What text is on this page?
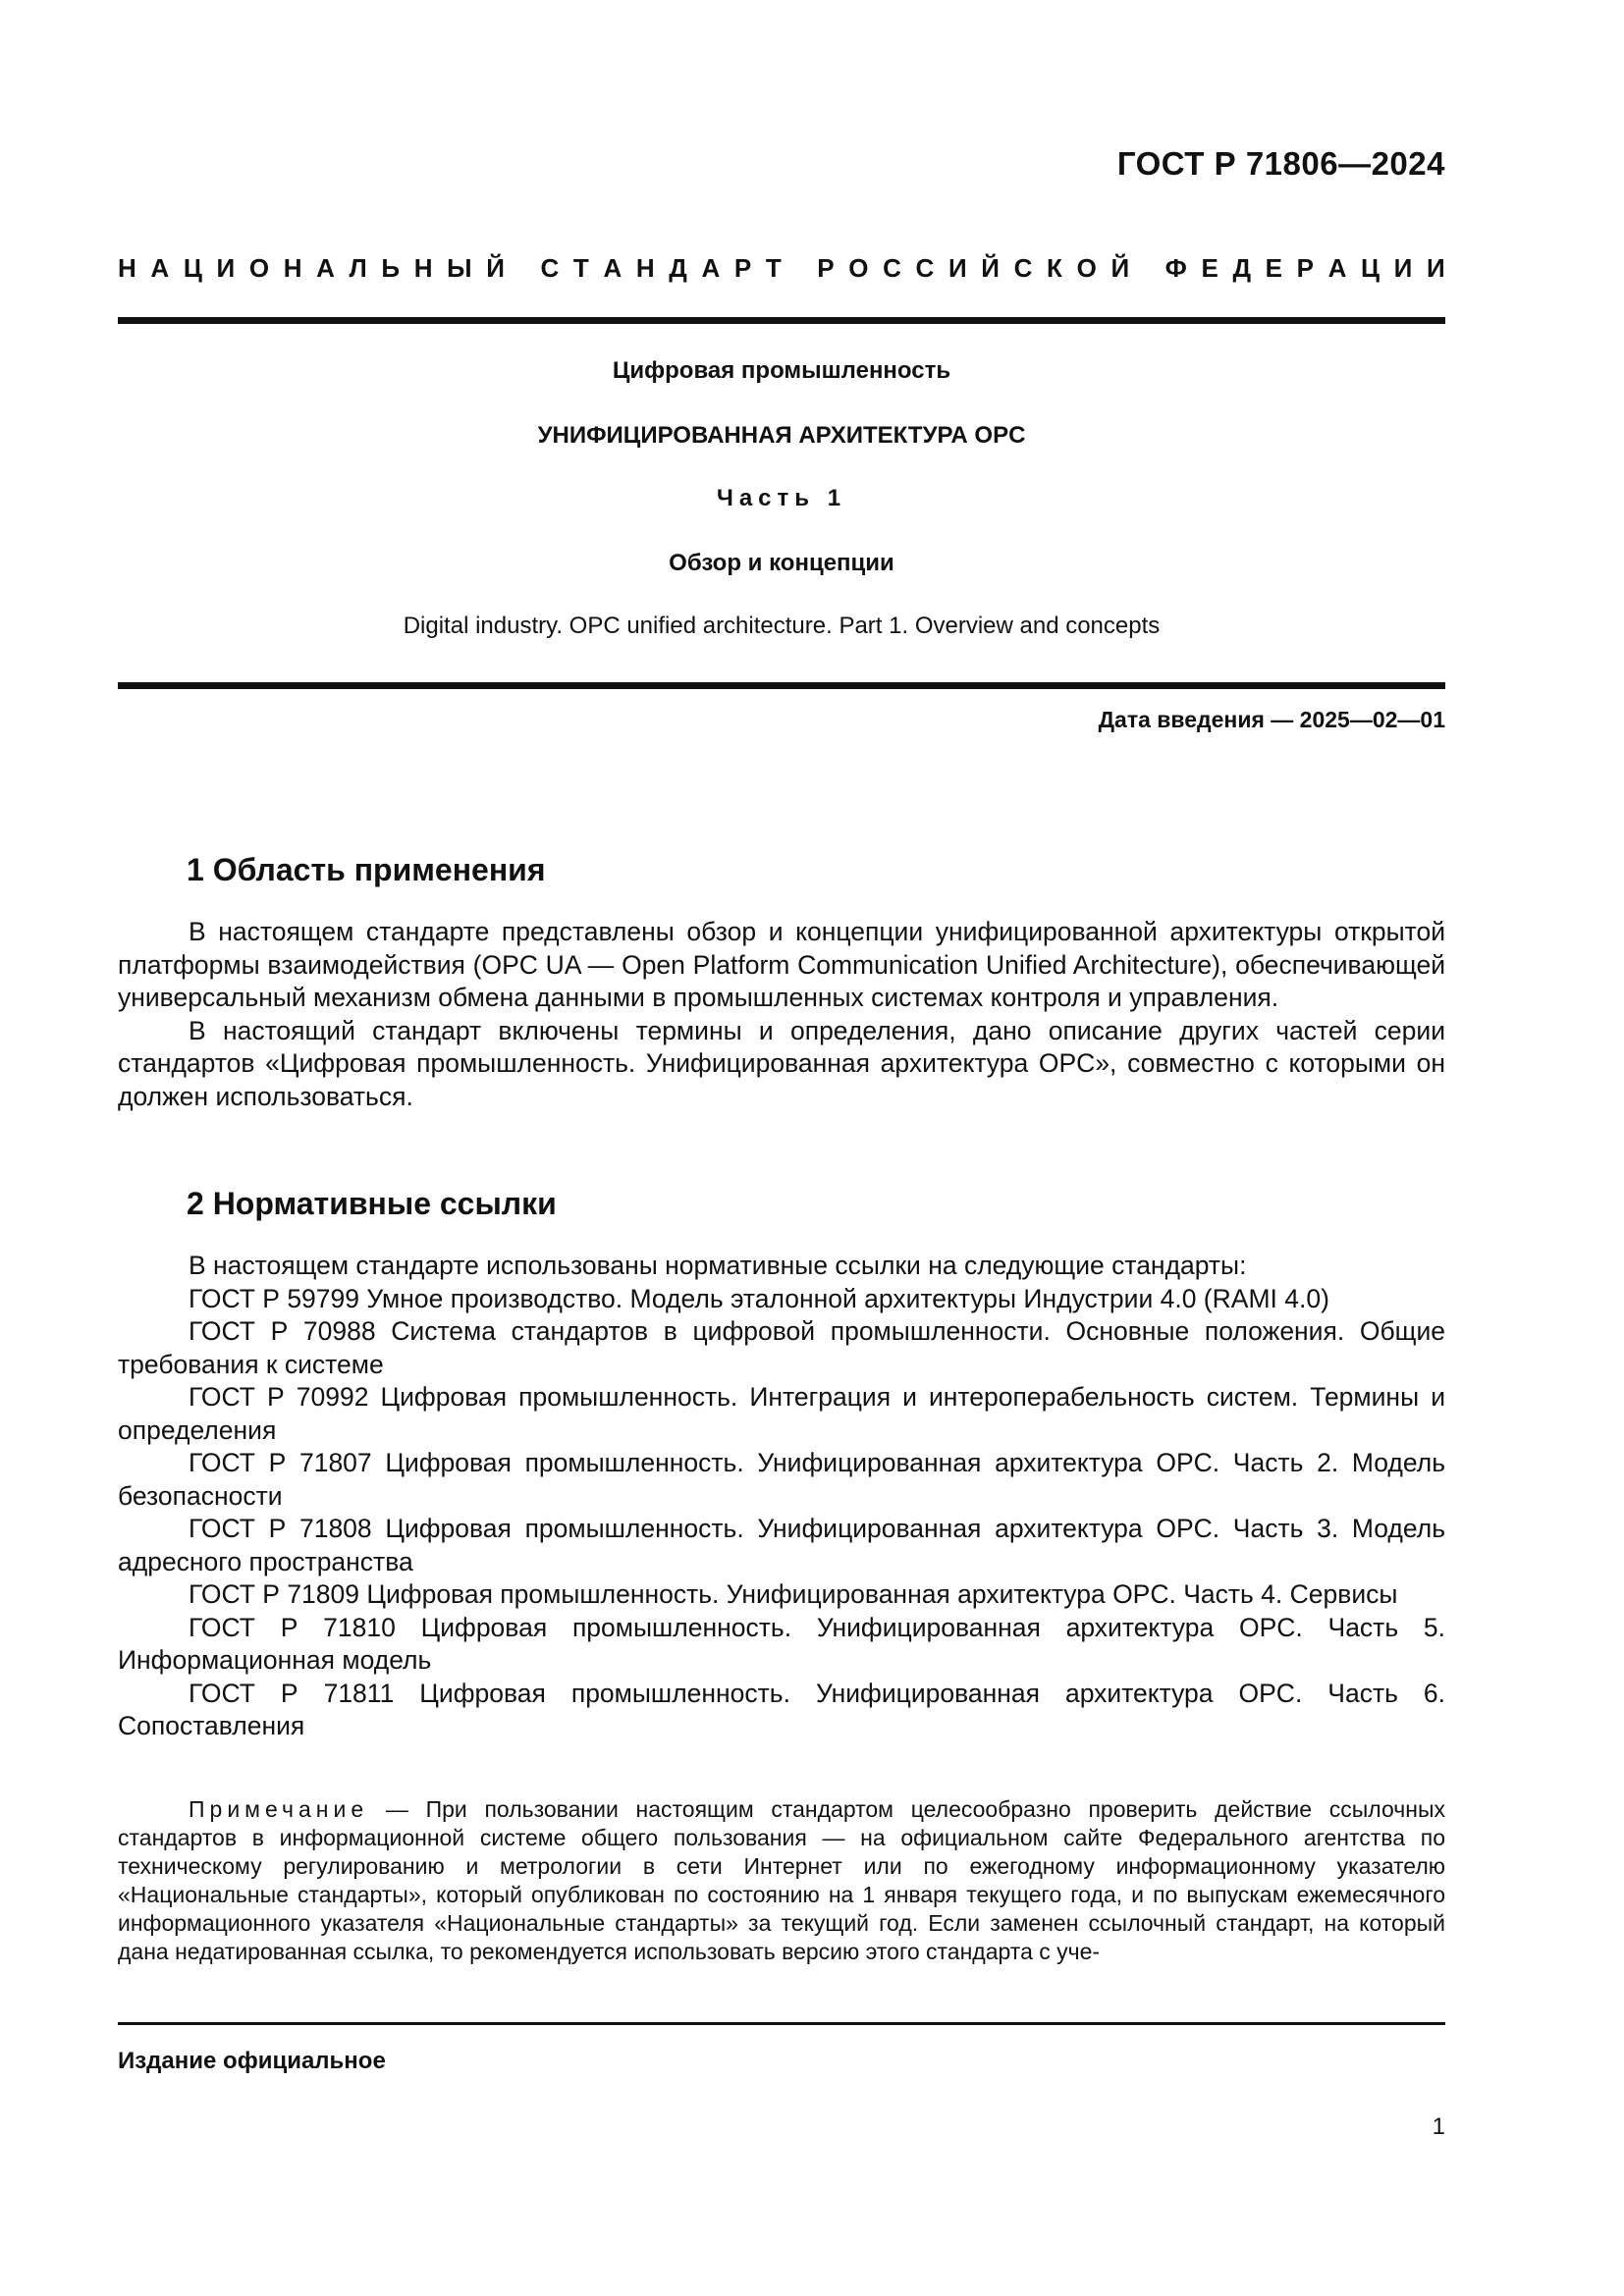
ГОСТ Р 71806—2024
Н А Ц И О Н А Л Ь Н Ы Й
С Т А Н Д А Р Т
Р О С С И Й С К О Й
Ф Е Д Е Р А Ц И И
Цифровая промышленность
УНИФИЦИРОВАННАЯ АРХИТЕКТУРА OPC
Часть 1
Обзор и концепции
Digital industry. OPC unified architecture. Part 1. Overview and concepts
Дата введения — 2025—02—01
1 Область применения

В настоящем стандарте представлены обзор и концепции унифицированной архитектуры открытой платформы взаимодействия (OPC UA — Open Platform Communication Unified Architecture), обеспечивающей универсальный механизм обмена данными в промышленных системах контроля и управления.

В настоящий стандарт включены термины и определения, дано описание других частей серии стандартов «Цифровая промышленность. Унифицированная архитектура OPC», совместно с которыми он должен использоваться.

2 Нормативные ссылки

В настоящем стандарте использованы нормативные ссылки на следующие стандарты:

ГОСТ Р 59799 Умное производство. Модель эталонной архитектуры Индустрии 4.0 (RAMI 4.0)

ГОСТ Р 70988 Система стандартов в цифровой промышленности. Основные положения. Общие требования к системе

ГОСТ Р 70992 Цифровая промышленность. Интеграция и интероперабельность систем. Термины и определения

ГОСТ Р 71807 Цифровая промышленность. Унифицированная архитектура OPC. Часть 2. Модель безопасности

ГОСТ Р 71808 Цифровая промышленность. Унифицированная архитектура OPC. Часть 3. Модель адресного пространства

ГОСТ Р 71809 Цифровая промышленность. Унифицированная архитектура OPC. Часть 4. Сервисы

ГОСТ Р 71810 Цифровая промышленность. Унифицированная архитектура OPC. Часть 5. Информационная модель

ГОСТ Р 71811 Цифровая промышленность. Унифицированная архитектура OPC. Часть 6. Сопоставления

Примечание — При пользовании настоящим стандартом целесообразно проверить действие ссылочных стандартов в информационной системе общего пользования — на официальном сайте Федерального агентства по техническому регулированию и метрологии в сети Интернет или по ежегодному информационному указателю «Национальные стандарты», который опубликован по состоянию на 1 января текущего года, и по выпускам ежемесячного информационного указателя «Национальные стандарты» за текущий год. Если заменен ссылочный стандарт, на который дана недатированная ссылка, то рекомендуется использовать версию этого стандарта с уче-

Издание официальное
1
